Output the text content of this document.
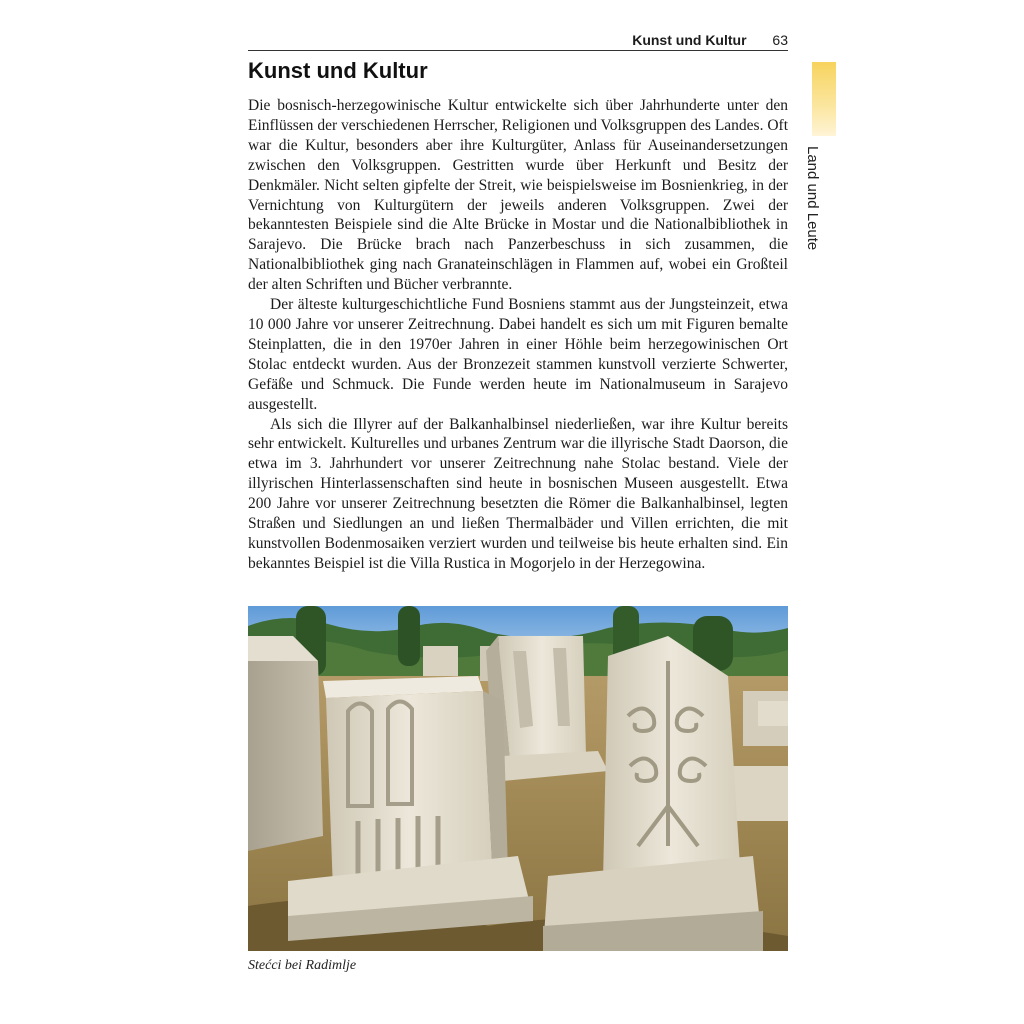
Kunst und Kultur 63
Land und Leute
Kunst und Kultur

Die bosnisch-herzegowinische Kultur entwickelte sich über Jahrhunderte unter den Einflüssen der verschiedenen Herrscher, Religionen und Volksgruppen des Landes. Oft war die Kultur, besonders aber ihre Kulturgüter, Anlass für Auseinandersetzungen zwischen den Volksgruppen. Gestritten wurde über Herkunft und Besitz der Denkmäler. Nicht selten gipfelte der Streit, wie beispielsweise im Bosnienkrieg, in der Vernichtung von Kulturgütern der jeweils anderen Volksgruppen. Zwei der bekanntesten Beispiele sind die Alte Brücke in Mostar und die Nationalbibliothek in Sarajevo. Die Brücke brach nach Panzerbeschuss in sich zusammen, die Nationalbibliothek ging nach Granateinschlägen in Flammen auf, wobei ein Großteil der alten Schriften und Bücher verbrannte.

Der älteste kulturgeschichtliche Fund Bosniens stammt aus der Jungsteinzeit, etwa 10 000 Jahre vor unserer Zeitrechnung. Dabei handelt es sich um mit Figuren bemalte Steinplatten, die in den 1970er Jahren in einer Höhle beim herzegowinischen Ort Stolac entdeckt wurden. Aus der Bronzezeit stammen kunstvoll verzierte Schwerter, Gefäße und Schmuck. Die Funde werden heute im Nationalmuseum in Sarajevo ausgestellt.

Als sich die Illyrer auf der Balkanhalbinsel niederließen, war ihre Kultur bereits sehr entwickelt. Kulturelles und urbanes Zentrum war die illyrische Stadt Daorson, die etwa im 3. Jahrhundert vor unserer Zeitrechnung nahe Stolac bestand. Viele der illyrischen Hinterlassenschaften sind heute in bosnischen Museen ausgestellt. Etwa 200 Jahre vor unserer Zeitrechnung besetzten die Römer die Balkanhalbinsel, legten Straßen und Siedlungen an und ließen Thermalbäder und Villen errichten, die mit kunstvollen Bodenmosaiken verziert wurden und teilweise bis heute erhalten sind. Ein bekanntes Beispiel ist die Villa Rustica in Mogorjelo in der Herzegowina.

Stećci bei Radimlje
